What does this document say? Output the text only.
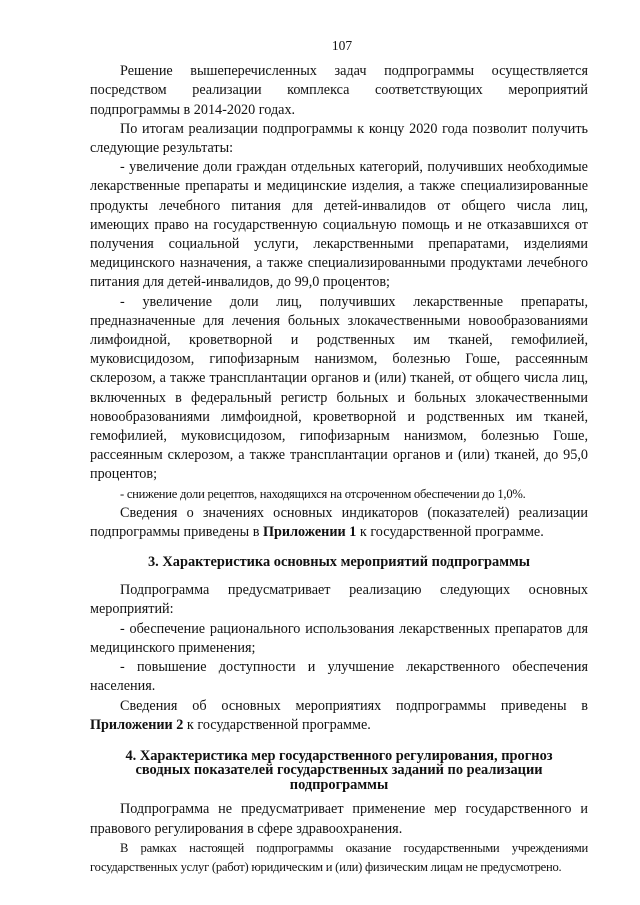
107

Решение вышеперечисленных задач подпрограммы осуществляется посредством реализации комплекса соответствующих мероприятий подпрограммы в 2014-2020 годах.

По итогам реализации подпрограммы к концу 2020 года позволит получить следующие результаты:

- увеличение доли граждан отдельных категорий, получивших необходимые лекарственные препараты и медицинские изделия, а также специализированные продукты лечебного питания для детей-инвалидов от общего числа лиц, имеющих право на государственную социальную помощь и не отказавшихся от получения социальной услуги, лекарственными препаратами, изделиями медицинского назначения, а также специализированными продуктами лечебного питания для детей-инвалидов, до 99,0 процентов;

- увеличение доли лиц, получивших лекарственные препараты, предназначенные для лечения больных злокачественными новообразованиями лимфоидной, кроветворной и родственных им тканей, гемофилией, муковисцидозом, гипофизарным нанизмом, болезнью Гоше, рассеянным склерозом, а также трансплантации органов и (или) тканей, от общего числа лиц, включенных в федеральный регистр больных и больных злокачественными новообразованиями лимфоидной, кроветворной и родственных им тканей, гемофилией, муковисцидозом, гипофизарным нанизмом, болезнью Гоше, рассеянным склерозом, а также трансплантации органов и (или) тканей, до 95,0 процентов;

- снижение доли рецептов, находящихся на отсроченном обеспечении до 1,0%.

Сведения о значениях основных индикаторов (показателей) реализации подпрограммы приведены в Приложении 1 к государственной программе.

3. Характеристика основных мероприятий подпрограммы

Подпрограмма предусматривает реализацию следующих основных мероприятий:

- обеспечение рационального использования лекарственных препаратов для медицинского применения;

- повышение доступности и улучшение лекарственного обеспечения населения.

Сведения об основных мероприятиях подпрограммы приведены в Приложении 2 к государственной программе.

4. Характеристика мер государственного регулирования, прогноз
сводных показателей государственных заданий по реализации
подпрограммы

Подпрограмма не предусматривает применение мер государственного и правового регулирования в сфере здравоохранения.

В рамках настоящей подпрограммы оказание государственными учреждениями государственных услуг (работ) юридическим и (или) физическим лицам не предусмотрено.
